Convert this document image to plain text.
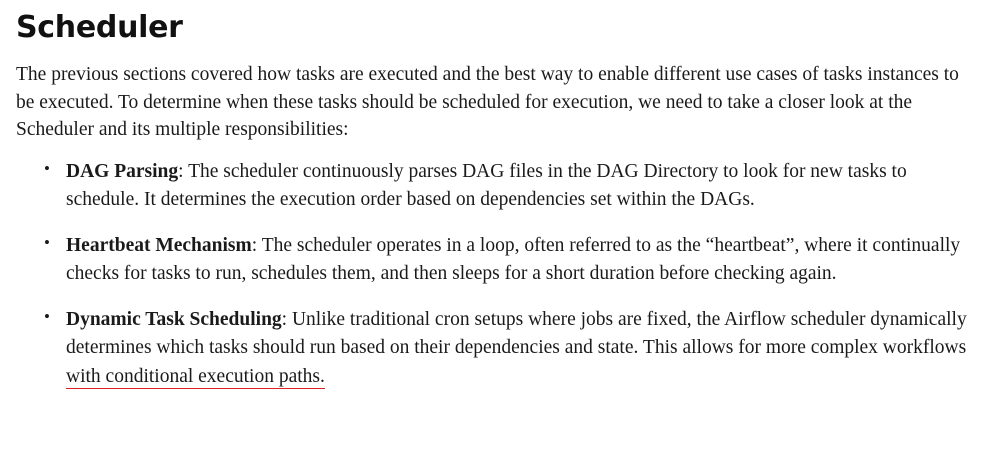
Scheduler

The previous sections covered how tasks are executed and the best way to enable different use cases of tasks instances to be executed. To determine when these tasks should be scheduled for execution, we need to take a closer look at the Scheduler and its multiple responsibilities:

• DAG Parsing: The scheduler continuously parses DAG files in the DAG Directory to look for new tasks to schedule. It determines the execution order based on dependencies set within the DAGs.
• Heartbeat Mechanism: The scheduler operates in a loop, often referred to as the “heartbeat”, where it continually checks for tasks to run, schedules them, and then sleeps for a short duration before checking again.
• Dynamic Task Scheduling: Unlike traditional cron setups where jobs are fixed, the Airflow scheduler dynamically determines which tasks should run based on their dependencies and state. This allows for more complex workflows with conditional execution paths.
